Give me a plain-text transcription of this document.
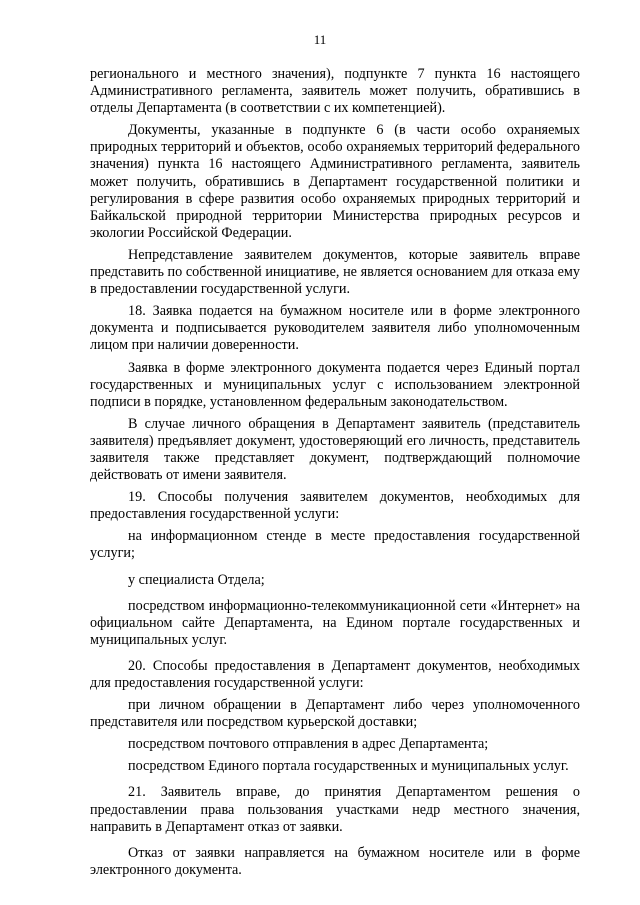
11

регионального и местного значения), подпункте 7 пункта 16 настоящего Административного регламента, заявитель может получить, обратившись в отделы Департамента (в соответствии с их компетенцией).

Документы, указанные в подпункте 6 (в части особо охраняемых природных территорий и объектов, особо охраняемых территорий федерального значения) пункта 16 настоящего Административного регламента, заявитель может получить, обратившись в Департамент государственной политики и регулирования в сфере развития особо охраняемых природных территорий и Байкальской природной территории Министерства природных ресурсов и экологии Российской Федерации.

Непредставление заявителем документов, которые заявитель вправе представить по собственной инициативе, не является основанием для отказа ему в предоставлении государственной услуги.

18. Заявка подается на бумажном носителе или в форме электронного документа и подписывается руководителем заявителя либо уполномоченным лицом при наличии доверенности.

Заявка в форме электронного документа подается через Единый портал государственных и муниципальных услуг с использованием электронной подписи в порядке, установленном федеральным законодательством.

В случае личного обращения в Департамент заявитель (представитель заявителя) предъявляет документ, удостоверяющий его личность, представитель заявителя также представляет документ, подтверждающий полномочие действовать от имени заявителя.

19. Способы получения заявителем документов, необходимых для предоставления государственной услуги:

на информационном стенде в месте предоставления государственной услуги;

у специалиста Отдела;

посредством информационно-телекоммуникационной сети «Интернет» на официальном сайте Департамента, на Едином портале государственных и муниципальных услуг.

20. Способы предоставления в Департамент документов, необходимых для предоставления государственной услуги:

при личном обращении в Департамент либо через уполномоченного представителя или посредством курьерской доставки;

посредством почтового отправления в адрес Департамента;

посредством Единого портала государственных и муниципальных услуг.

21. Заявитель вправе, до принятия Департаментом решения о предоставлении права пользования участками недр местного значения, направить в Департамент отказ от заявки.

Отказ от заявки направляется на бумажном носителе или в форме электронного документа.
